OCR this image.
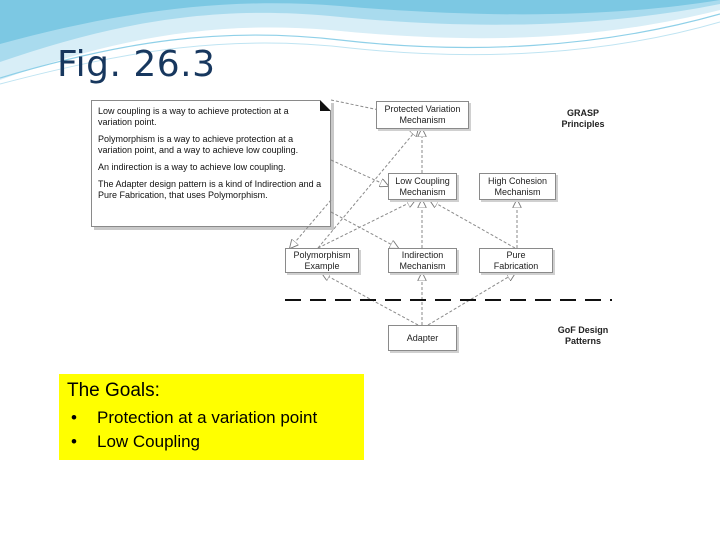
Fig. 26.3

Low coupling is a way to achieve protection at a variation point.

Polymorphism is a way to achieve protection at a variation point, and a way to achieve low coupling.

An indirection is a way to achieve low coupling.

The Adapter design pattern is a kind of Indirection and a Pure Fabrication, that uses Polymorphism.

Protected Variation
Mechanism
Low Coupling
Mechanism
High Cohesion
Mechanism
Polymorphism
Example
Indirection
Mechanism
Pure
Fabrication
Adapter
GRASP
Principles
GoF Design
Patterns
The Goals:
• Protection at a variation point
• Low Coupling
